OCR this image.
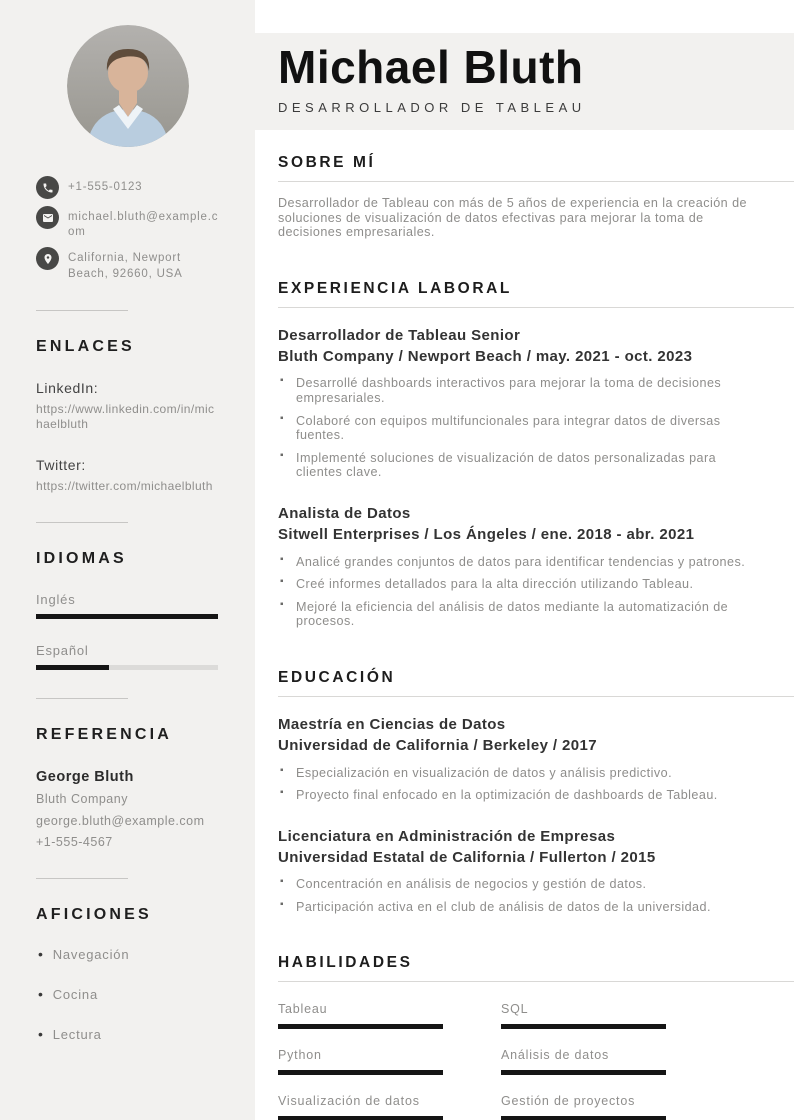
+1-555-0123
michael.bluth@example.com
California, Newport Beach, 92660, USA
ENLACES
LinkedIn:
https://www.linkedin.com/in/michaelbluth
Twitter:
https://twitter.com/michaelbluth
IDIOMAS
Inglés
Español
REFERENCIA
George Bluth
Bluth Company
george.bluth@example.com
+1-555-4567
AFICIONES
• Navegación
• Cocina
• Lectura
Michael Bluth
DESARROLLADOR DE TABLEAU
SOBRE MÍ

Desarrollador de Tableau con más de 5 años de experiencia en la creación de soluciones de visualización de datos efectivas para mejorar la toma de decisiones empresariales.

EXPERIENCIA LABORAL
Desarrollador de Tableau Senior
Bluth Company / Newport Beach / may. 2021 - oct. 2023
▪ Desarrollé dashboards interactivos para mejorar la toma de decisiones empresariales.
▪ Colaboré con equipos multifuncionales para integrar datos de diversas fuentes.
▪ Implementé soluciones de visualización de datos personalizadas para clientes clave.
Analista de Datos
Sitwell Enterprises / Los Ángeles / ene. 2018 - abr. 2021
▪ Analicé grandes conjuntos de datos para identificar tendencias y patrones.
▪ Creé informes detallados para la alta dirección utilizando Tableau.
▪ Mejoré la eficiencia del análisis de datos mediante la automatización de procesos.
EDUCACIÓN
Maestría en Ciencias de Datos
Universidad de California / Berkeley / 2017
▪ Especialización en visualización de datos y análisis predictivo.
▪ Proyecto final enfocado en la optimización de dashboards de Tableau.
Licenciatura en Administración de Empresas
Universidad Estatal de California / Fullerton / 2015
▪ Concentración en análisis de negocios y gestión de datos.
▪ Participación activa en el club de análisis de datos de la universidad.
HABILIDADES
Tableau	SQL
Python	Análisis de datos
Visualización de datos	Gestión de proyectos
